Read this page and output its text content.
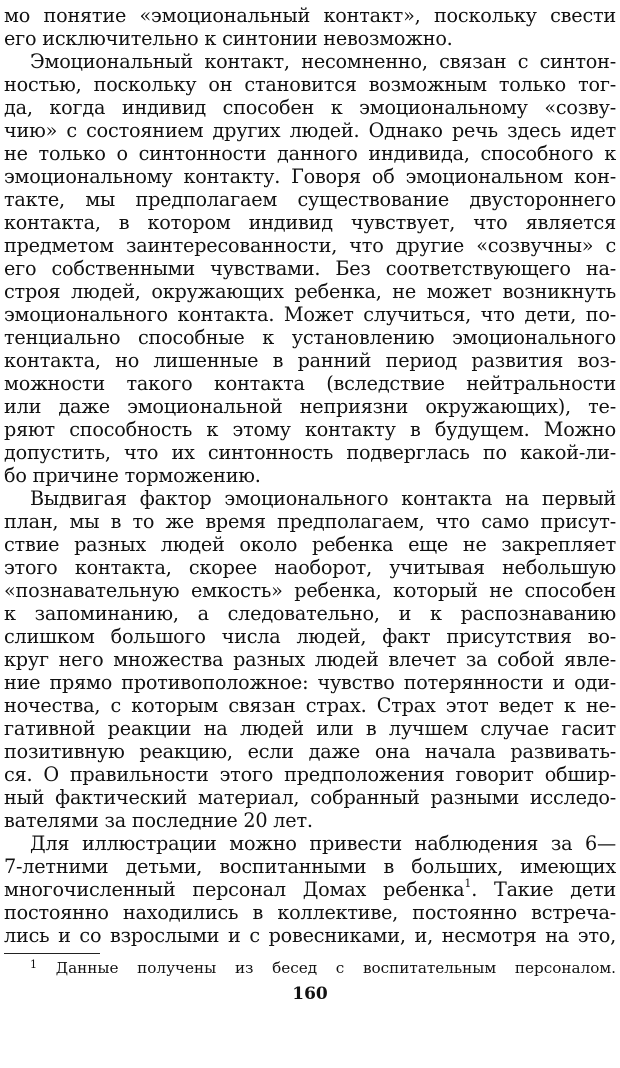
мо понятие «эмоциональный контакт», поскольку свести
его исключительно к синтонии невозможно.
Эмоциональный контакт, несомненно, связан с синтон-
ностью, поскольку он становится возможным только тог-
да, когда индивид способен к эмоциональному «созву-
чию» с состоянием других людей. Однако речь здесь идет
не только о синтонности данного индивида, способного к
эмоциональному контакту. Говоря об эмоциональном кон-
такте, мы предполагаем существование двустороннего
контакта, в котором индивид чувствует, что является
предметом заинтересованности, что другие «созвучны» с
его собственными чувствами. Без соответствующего на-
строя людей, окружающих ребенка, не может возникнуть
эмоционального контакта. Может случиться, что дети, по-
тенциально способные к установлению эмоционального
контакта, но лишенные в ранний период развития воз-
можности такого контакта (вследствие нейтральности
или даже эмоциональной неприязни окружающих), те-
ряют способность к этому контакту в будущем. Можно
допустить, что их синтонность подверглась по какой-ли-
бо причине торможению.
Выдвигая фактор эмоционального контакта на первый
план, мы в то же время предполагаем, что само присут-
ствие разных людей около ребенка еще не закрепляет
этого контакта, скорее наоборот, учитывая небольшую
«познавательную емкость» ребенка, который не способен
к запоминанию, а следовательно, и к распознаванию
слишком большого числа людей, факт присутствия во-
круг него множества разных людей влечет за собой явле-
ние прямо противоположное: чувство потерянности и оди-
ночества, с которым связан страх. Страх этот ведет к не-
гативной реакции на людей или в лучшем случае гасит
позитивную реакцию, если даже она начала развивать-
ся. О правильности этого предположения говорит обшир-
ный фактический материал, собранный разными исследо-
вателями за последние 20 лет.
Для иллюстрации можно привести наблюдения за 6—
7-летними детьми, воспитанными в больших, имеющих
многочисленный персонал Домах ребенка$^1$. Такие дети
постоянно находились в коллективе, постоянно встреча-
лись и со взрослыми и с ровесниками, и, несмотря на это,
$^1$ Данные получены из бесед с воспитательным персоналом.
160
